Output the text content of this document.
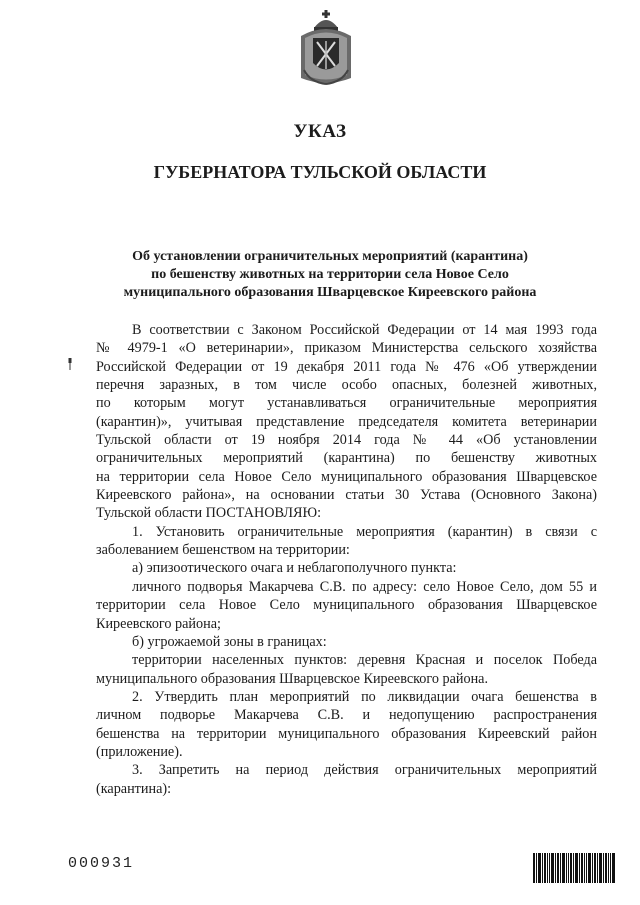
УКАЗ
ГУБЕРНАТОРА ТУЛЬСКОЙ ОБЛАСТИ
Об установлении ограничительных мероприятий (карантина)
по бешенству животных на территории села Новое Село
муниципального образования Шварцевское Киреевского района
В соответствии с Законом Российской Федерации от 14 мая 1993 года
№ 4979-1 «О ветеринарии», приказом Министерства сельского хозяйства
Российской Федерации от 19 декабря 2011 года № 476 «Об утверждении
перечня заразных, в том числе особо опасных, болезней животных,
по которым могут устанавливаться ограничительные мероприятия
(карантин)», учитывая представление председателя комитета ветеринарии
Тульской области от 19 ноября 2014 года № 44 «Об установлении
ограничительных мероприятий (карантина) по бешенству животных
на территории села Новое Село муниципального образования Шварцевское
Киреевского района», на основании статьи 30 Устава (Основного Закона)
Тульской области ПОСТАНОВЛЯЮ:
1. Установить ограничительные мероприятия (карантин) в связи с
заболеванием бешенством на территории:
а) эпизоотического очага и неблагополучного пункта:
личного подворья Макарчева С.В. по адресу: село Новое Село, дом 55 и
территории села Новое Село муниципального образования Шварцевское
Киреевского района;
б) угрожаемой зоны в границах:
территории населенных пунктов: деревня Красная и поселок Победа
муниципального образования Шварцевское Киреевского района.
2. Утвердить план мероприятий по ликвидации очага бешенства в
личном подворье Макарчева С.В. и недопущению распространения
бешенства на территории муниципального образования Киреевский район
(приложение).
3. Запретить на период действия ограничительных мероприятий
(карантина):
000931
